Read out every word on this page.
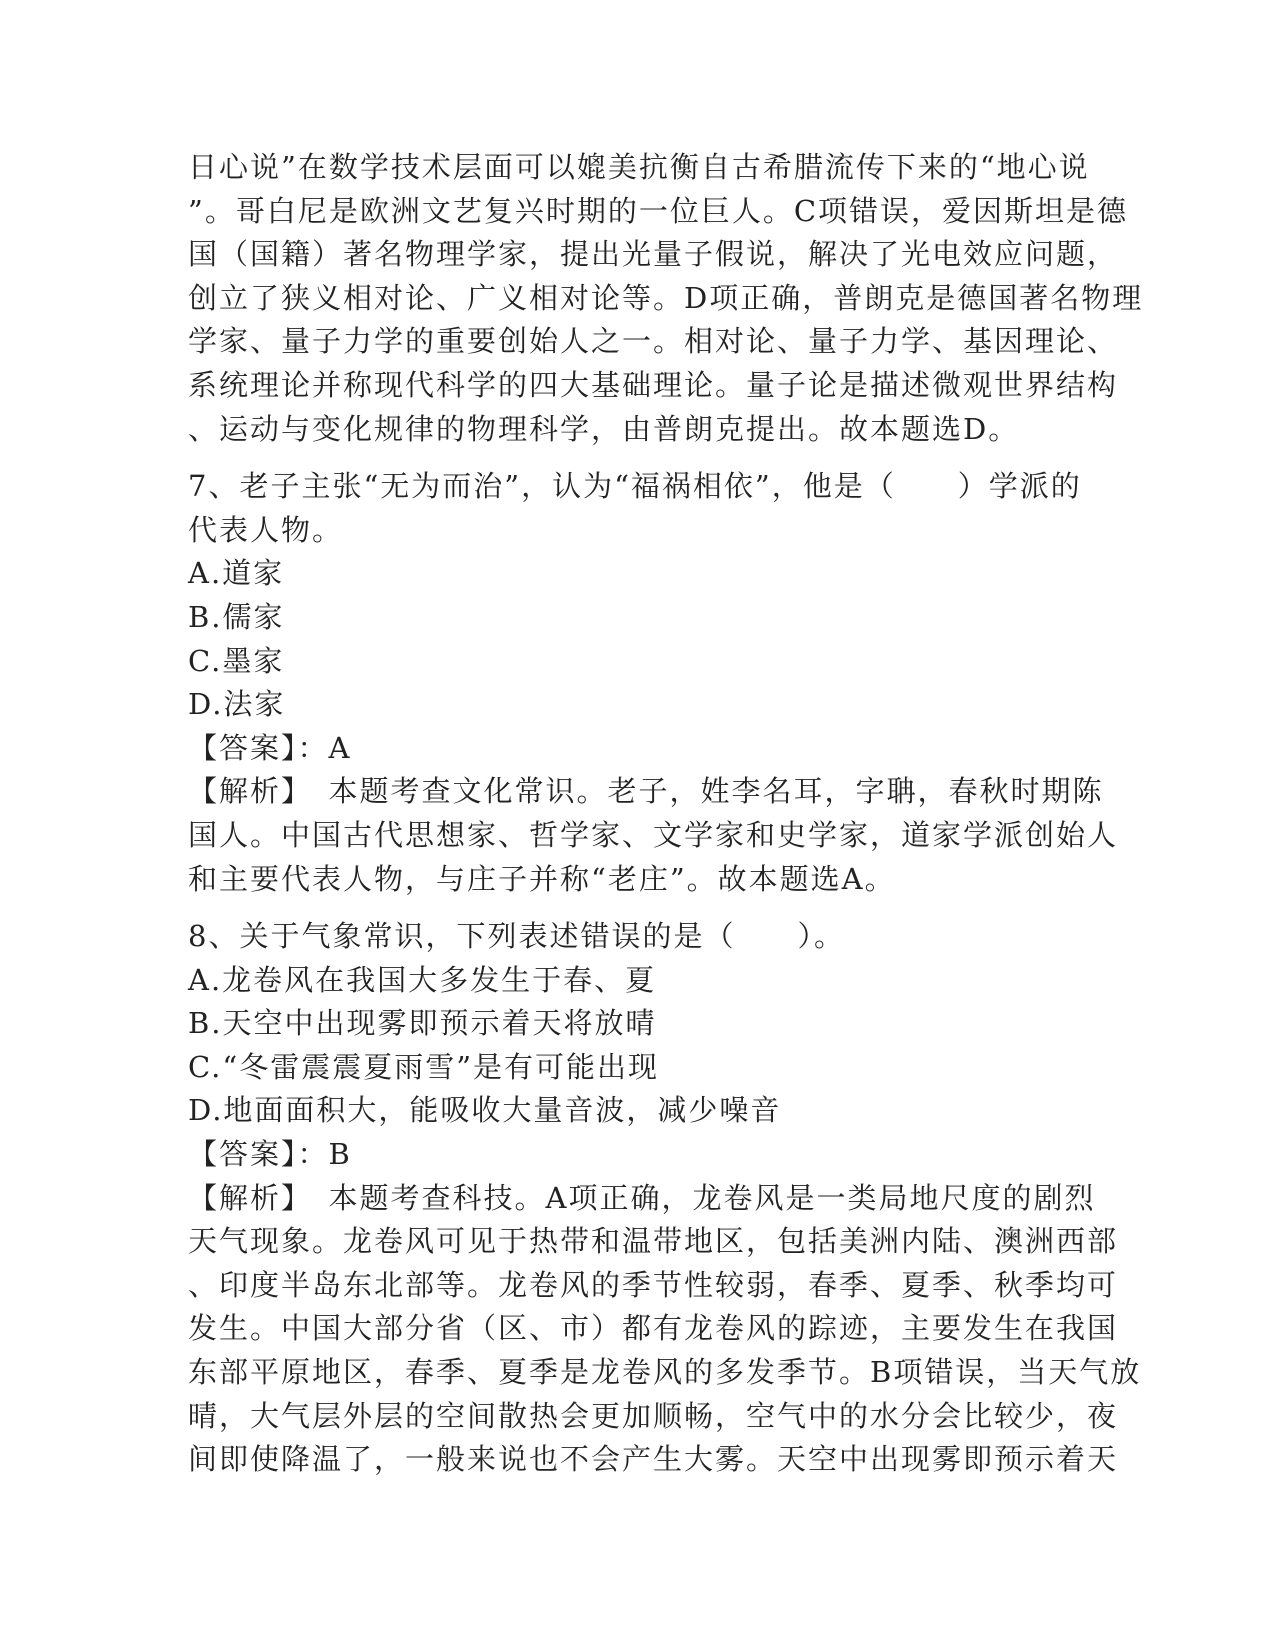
日心说”在数学技术层面可以媲美抗衡自古希腊流传下来的“地心说
”。哥白尼是欧洲文艺复兴时期的一位巨人。C项错误，爱因斯坦是德
国（国籍）著名物理学家，提出光量子假说，解决了光电效应问题，
创立了狭义相对论、广义相对论等。D项正确，普朗克是德国著名物理
学家、量子力学的重要创始人之一。相对论、量子力学、基因理论、
系统理论并称现代科学的四大基础理论。量子论是描述微观世界结构
、运动与变化规律的物理科学，由普朗克提出。故本题选D。
7、老子主张“无为而治”，认为“福祸相依”，他是（　　）学派的
代表人物。
A.道家
B.儒家
C.墨家
D.法家
【答案】：A
【解析】　本题考查文化常识。老子，姓李名耳，字聃，春秋时期陈
国人。中国古代思想家、哲学家、文学家和史学家，道家学派创始人
和主要代表人物，与庄子并称“老庄”。故本题选A。
8、关于气象常识，下列表述错误的是（　　）。
A.龙卷风在我国大多发生于春、夏
B.天空中出现雾即预示着天将放晴
C.“冬雷震震夏雨雪”是有可能出现
D.地面面积大，能吸收大量音波，减少噪音
【答案】：B
【解析】　本题考查科技。A项正确，龙卷风是一类局地尺度的剧烈
天气现象。龙卷风可见于热带和温带地区，包括美洲内陆、澳洲西部
、印度半岛东北部等。龙卷风的季节性较弱，春季、夏季、秋季均可
发生。中国大部分省（区、市）都有龙卷风的踪迹，主要发生在我国
东部平原地区，春季、夏季是龙卷风的多发季节。B项错误，当天气放
晴，大气层外层的空间散热会更加顺畅，空气中的水分会比较少，夜
间即使降温了，一般来说也不会产生大雾。天空中出现雾即预示着天
